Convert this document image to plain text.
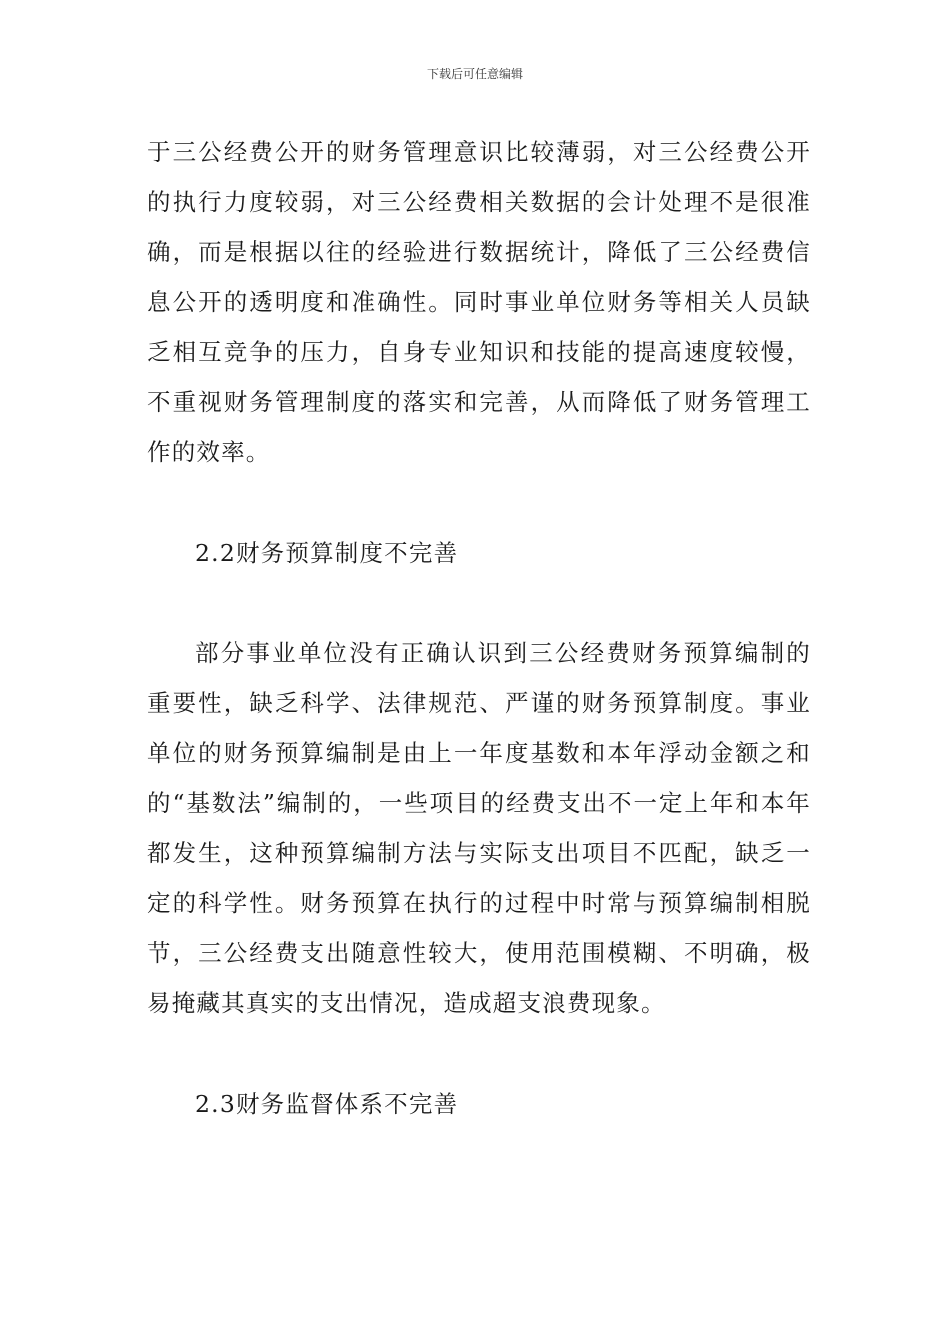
下载后可任意编辑

于三公经费公开的财务管理意识比较薄弱，对三公经费公开的执行力度较弱，对三公经费相关数据的会计处理不是很准确，而是根据以往的经验进行数据统计，降低了三公经费信息公开的透明度和准确性。同时事业单位财务等相关人员缺乏相互竞争的压力，自身专业知识和技能的提高速度较慢，不重视财务管理制度的落实和完善，从而降低了财务管理工作的效率。

2.2财务预算制度不完善

部分事业单位没有正确认识到三公经费财务预算编制的重要性，缺乏科学、法律规范、严谨的财务预算制度。事业单位的财务预算编制是由上一年度基数和本年浮动金额之和的“基数法”编制的，一些项目的经费支出不一定上年和本年都发生，这种预算编制方法与实际支出项目不匹配，缺乏一定的科学性。财务预算在执行的过程中时常与预算编制相脱节，三公经费支出随意性较大，使用范围模糊、不明确，极易掩藏其真实的支出情况，造成超支浪费现象。

2.3财务监督体系不完善
